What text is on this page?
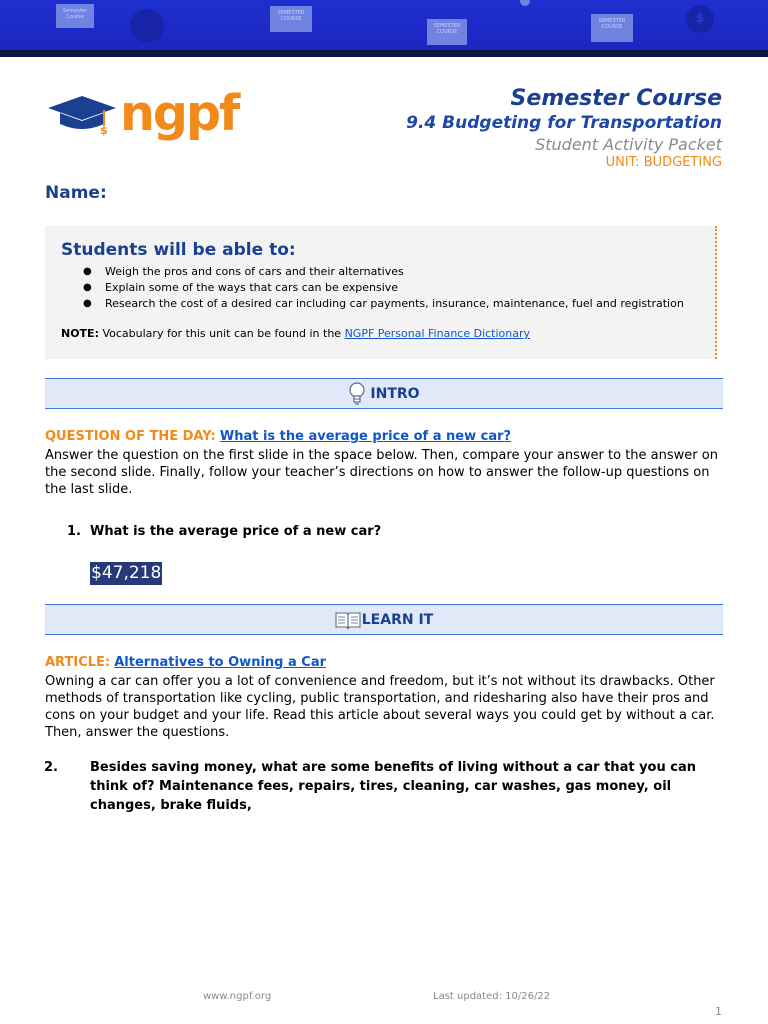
Semester Course
SEMESTER COURSE
SEMESTER COURSE
SEMESTER COURSE
$
$ ngpf	Semester Course
9.4 Budgeting for Transportation
Student Activity Packet
UNIT: BUDGETING
Name:
Students will be able to:
● Weigh the pros and cons of cars and their alternatives
● Explain some of the ways that cars can be expensive
● Research the cost of a desired car including car payments, insurance, maintenance, fuel and registration
NOTE: Vocabulary for this unit can be found in the NGPF Personal Finance Dictionary
INTRO
QUESTION OF THE DAY: What is the average price of a new car?
Answer the question on the first slide in the space below. Then, compare your answer to the answer on the second slide. Finally, follow your teacher’s directions on how to answer the follow-up questions on the last slide.
1. What is the average price of a new car?
$47,218
LEARN IT
ARTICLE: Alternatives to Owning a Car
Owning a car can offer you a lot of convenience and freedom, but it’s not without its drawbacks. Other methods of transportation like cycling, public transportation, and ridesharing also have their pros and cons on your budget and your life. Read this article about several ways you could get by without a car. Then, answer the questions.
2. Besides saving money, what are some benefits of living without a car that you can think of? Maintenance fees, repairs, tires, cleaning, car washes, gas money, oil changes, brake fluids,
www.ngpf.org	Last updated: 10/26/22
1
